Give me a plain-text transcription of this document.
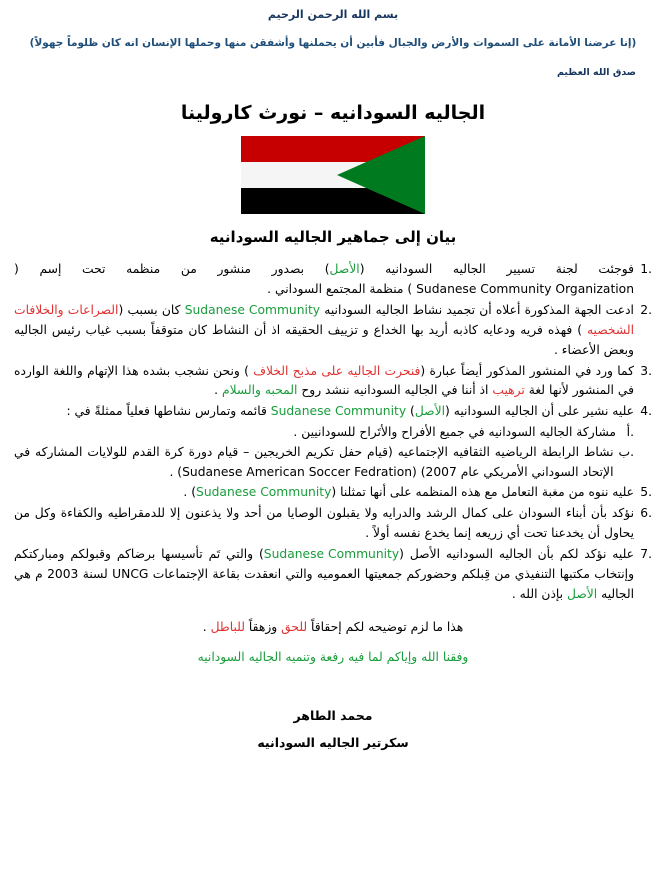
بسم الله الرحمن الرحيم
(إنا عرضنا الأمانة على السموات والأرض والجبال فأبين أن يحملنها وأشفقن منها وحملها الإنسان انه كان ظلوماً جهولاً)
صدق الله العظيم
الجاليه السودانيه – نورث كارولينا
بيان إلى جماهير الجاليه السودانيه
1.
فوجئت لجنة تسيير الجاليه السودانيه (الأصل) بصدور منشور من منظمه تحت إسم ( Sudanese Community Organization ) منظمة المجتمع السوداني .
2.
ادعت الجهة المذكورة أعلاه أن تجميد نشاط الجاليه السودانيه Sudanese Community كان بسبب (الصراعات والخلافات الشخصيه ) فهذه فريه ودعايه كاذبه أريد بها الخداع و تزييف الحقيقه اذ أن النشاط كان متوقفاً بسبب غياب رئيس الجاليه وبعض الأعضاء .
3.
كما ورد في المنشور المذكور أيضاً عبارة (فنحرت الجاليه على مذبح الخلاف ) ونحن نشجب بشده هذا الإتهام واللغة الوارده في المنشور لأنها لغة ترهيب اذ أننا في الجاليه السودانيه ننشد روح المحبه والسلام .
4.
عليه نشير على أن الجاليه السودانيه (الأصل) Sudanese Community قائمه وتمارس نشاطها فعلياً ممثلةً في :
أ.
مشاركة الجاليه السودانيه في جميع الأفراح والأتَراح للسودانيين .
ب.
نشاط الرابطة الرياضيه الثقافيه الإجتماعيه (قيام حفل تكريم الخريجين – قيام دورة كرة القدم للولايات المشاركه في الإتحاد السوداني الأمريكي عام 2007) (Sudanese American Soccer Fedration) .
5.
عليه ننوه من مغبة التعامل مع هذه المنظمه على أنها تمثلنا (Sudanese Community) .
6.
نؤكد بأن أبناء السودان على كمال الرشد والدرايه ولا يقبلون الوصايا من أحد ولا يذعنون إلا للدمقراطيه والكفاءة وكل من يحاول أن يخدعنا تحت أي زريعه إنما يخدع نفسه أولاً .
7.
عليه نؤكد لكم بأن الجاليه السودانيه الأصل (Sudanese Community) والتي تَم تأسيسها برضاكم وقبولكم ومباركتكم وإنتخاب مكتبها التنفيذي من قِبلكم وحضوركم جمعيتها العموميه والتي انعقدت بقاعة الإجتماعات UNCG لسنة 2003 م هي الجاليه الأصل بإذن الله .
هذا ما لزم توضيحه لكم إحقاقاً للحق وزهقاً للباطل .
وفقنا الله وإياكم لما فيه رفعة وتنميه الجاليه السودانيه
محمد الطاهر
سكرتير الجاليه السودانيه
